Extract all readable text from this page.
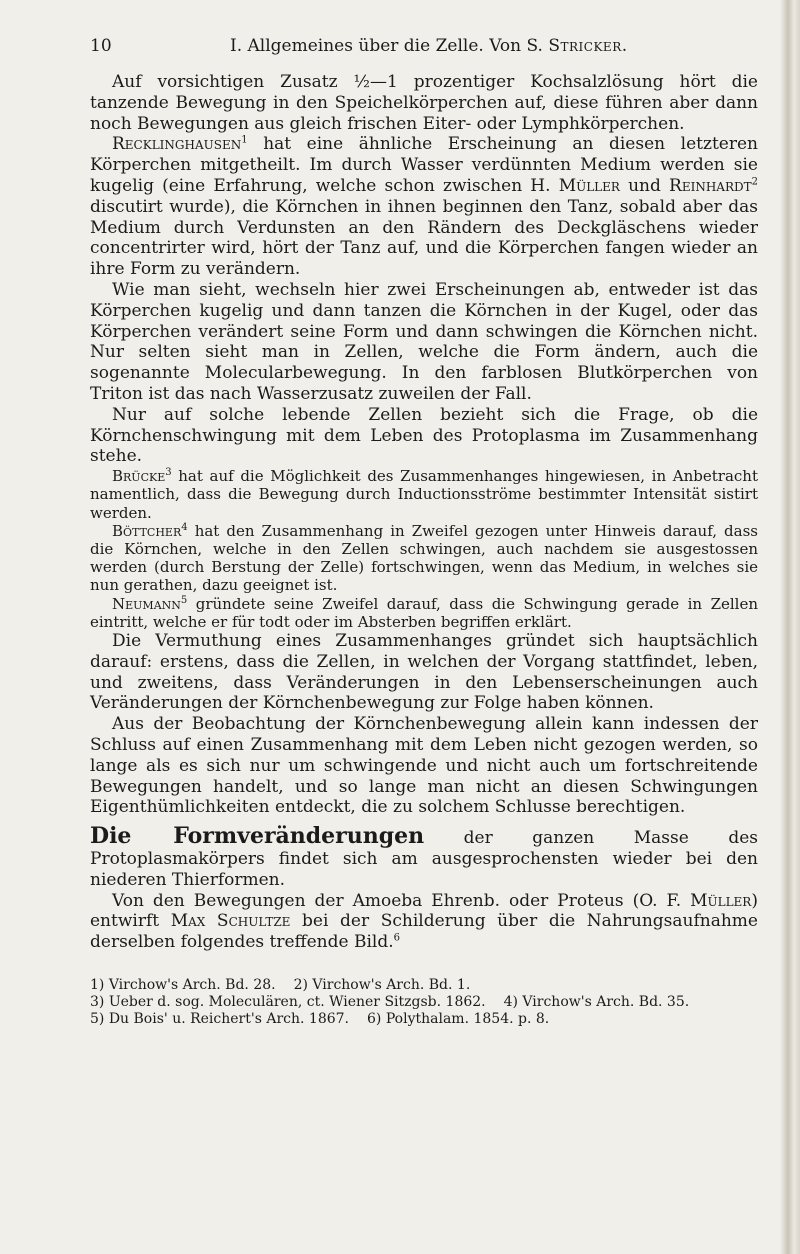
10	I. Allgemeines über die Zelle. Von S. Stricker.

Auf vorsichtigen Zusatz ½—1 prozentiger Kochsalzlösung hört die tanzende Bewegung in den Speichelkörperchen auf, diese führen aber dann noch Bewegungen aus gleich frischen Eiter- oder Lymphkörperchen.

Recklinghausen$^1$ hat eine ähnliche Erscheinung an diesen letzteren Körperchen mitgetheilt. Im durch Wasser verdünnten Medium werden sie kugelig (eine Erfahrung, welche schon zwischen H. Müller und Reinhardt$^2$ discutirt wurde), die Körnchen in ihnen beginnen den Tanz, sobald aber das Medium durch Verdunsten an den Rändern des Deckgläschens wieder concentrirter wird, hört der Tanz auf, und die Körperchen fangen wieder an ihre Form zu verändern.

Wie man sieht, wechseln hier zwei Erscheinungen ab, entweder ist das Körperchen kugelig und dann tanzen die Körnchen in der Kugel, oder das Körperchen verändert seine Form und dann schwingen die Körnchen nicht. Nur selten sieht man in Zellen, welche die Form ändern, auch die sogenannte Molecularbewegung. In den farblosen Blutkörperchen von Triton ist das nach Wasserzusatz zuweilen der Fall.

Nur auf solche lebende Zellen bezieht sich die Frage, ob die Körnchenschwingung mit dem Leben des Protoplasma im Zusammenhang stehe.

Brücke$^3$ hat auf die Möglichkeit des Zusammenhanges hingewiesen, in Anbetracht namentlich, dass die Bewegung durch Inductionsströme bestimmter Intensität sistirt werden.

Böttcher$^4$ hat den Zusammenhang in Zweifel gezogen unter Hinweis darauf, dass die Körnchen, welche in den Zellen schwingen, auch nachdem sie ausgestossen werden (durch Berstung der Zelle) fortschwingen, wenn das Medium, in welches sie nun gerathen, dazu geeignet ist.

Neumann$^5$ gründete seine Zweifel darauf, dass die Schwingung gerade in Zellen eintritt, welche er für todt oder im Absterben begriffen erklärt.

Die Vermuthung eines Zusammenhanges gründet sich hauptsächlich darauf: erstens, dass die Zellen, in welchen der Vorgang stattfindet, leben, und zweitens, dass Veränderungen in den Lebenserscheinungen auch Veränderungen der Körnchenbewegung zur Folge haben können.

Aus der Beobachtung der Körnchenbewegung allein kann indessen der Schluss auf einen Zusammenhang mit dem Leben nicht gezogen werden, so lange als es sich nur um schwingende und nicht auch um fortschreitende Bewegungen handelt, und so lange man nicht an diesen Schwingungen Eigenthümlichkeiten entdeckt, die zu solchem Schlusse berechtigen.

Die Formveränderungen der ganzen Masse des Protoplasmakörpers findet sich am ausgesprochensten wieder bei den niederen Thierformen.

Von den Bewegungen der Amoeba Ehrenb. oder Proteus (O. F. Müller) entwirft Max Schultze bei der Schilderung über die Nahrungsaufnahme derselben folgendes treffende Bild.$^6$

1) Virchow's Arch. Bd. 28. 2) Virchow's Arch. Bd. 1.
3) Ueber d. sog. Moleculären, ct. Wiener Sitzgsb. 1862. 4) Virchow's Arch. Bd. 35.
5) Du Bois' u. Reichert's Arch. 1867. 6) Polythalam. 1854. p. 8.
